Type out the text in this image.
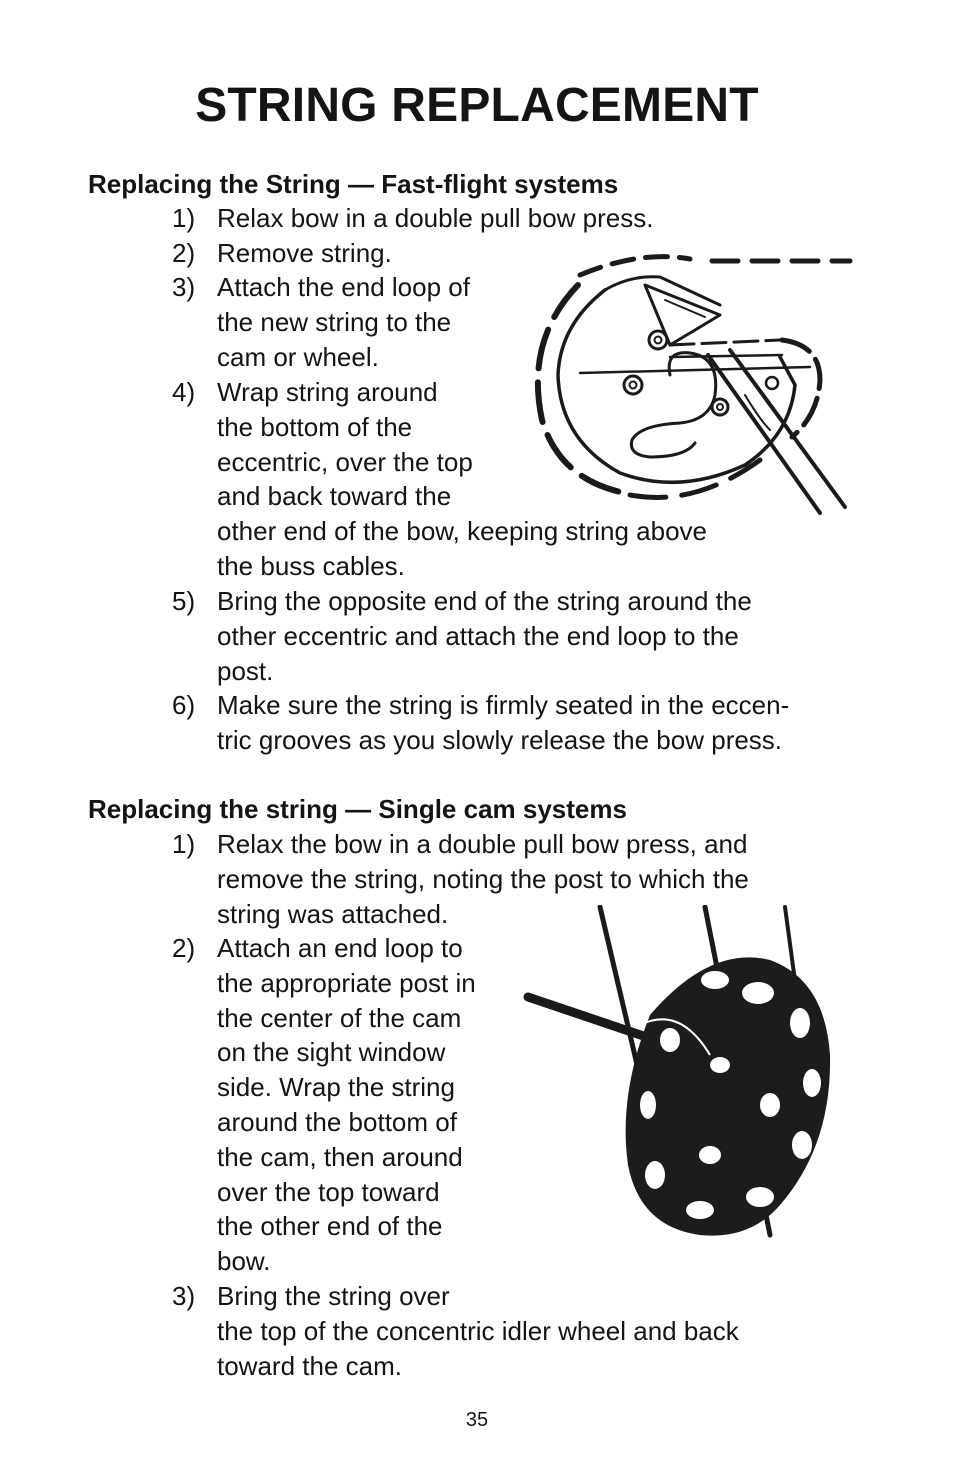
STRING REPLACEMENT
Replacing the String — Fast-flight systems
1) Relax bow in a double pull bow press.
2) Remove string.
3) Attach the end loop of
the new string to the
cam or wheel.
4) Wrap string around
the bottom of the
eccentric, over the top
and back toward the
other end of the bow, keeping string above
the buss cables.
5) Bring the opposite end of the string around the
other eccentric and attach the end loop to the
post.
6) Make sure the string is firmly seated in the eccen-
tric grooves as you slowly release the bow press.
Replacing the string — Single cam systems
1) Relax the bow in a double pull bow press, and
remove the string, noting the post to which the
string was attached.
2) Attach an end loop to
the appropriate post in
the center of the cam
on the sight window
side. Wrap the string
around the bottom of
the cam, then around
over the top toward
the other end of the
bow.
3) Bring the string over
the top of the concentric idler wheel and back
toward the cam.
35
